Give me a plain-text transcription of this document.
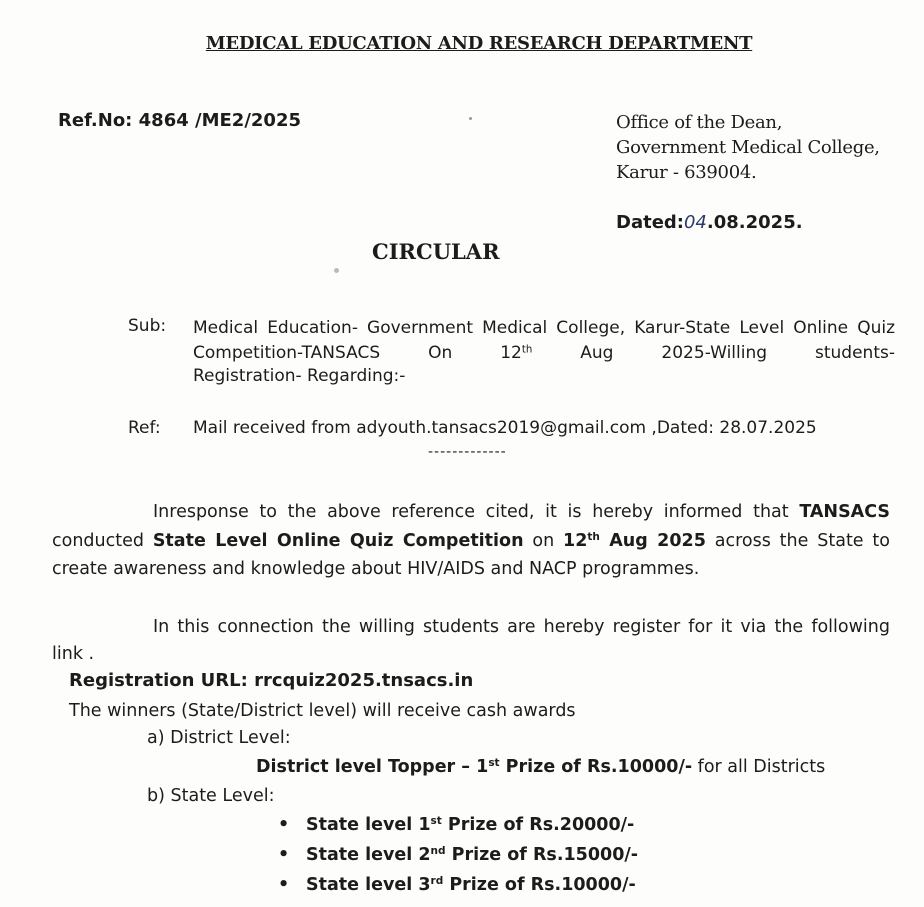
MEDICAL EDUCATION AND RESEARCH DEPARTMENT

Ref.No: 4864 /ME2/2025	Office of the Dean,
Government Medical College,
Karur - 639004.

Dated:04.08.2025.

CIRCULAR

Sub: Medical Education- Government Medical College, Karur-State Level Online Quiz Competition-TANSACS On 12th Aug 2025-Willing students-

Registration- Regarding:-

Ref: Mail received from adyouth.tansacs2019@gmail.com ,Dated: 28.07.2025

-------------

Inresponse to the above reference cited, it is hereby informed that TANSACS conducted State Level Online Quiz Competition on 12th Aug 2025 across the State to create awareness and knowledge about HIV/AIDS and NACP programmes.

In this connection the willing students are hereby register for it via the following link .

Registration URL: rrcquiz2025.tnsacs.in

The winners (State/District level) will receive cash awards

a) District Level:

District level Topper – 1st Prize of Rs.10000/- for all Districts

b) State Level:

• State level 1st Prize of Rs.20000/-

• State level 2nd Prize of Rs.15000/-

• State level 3rd Prize of Rs.10000/-
